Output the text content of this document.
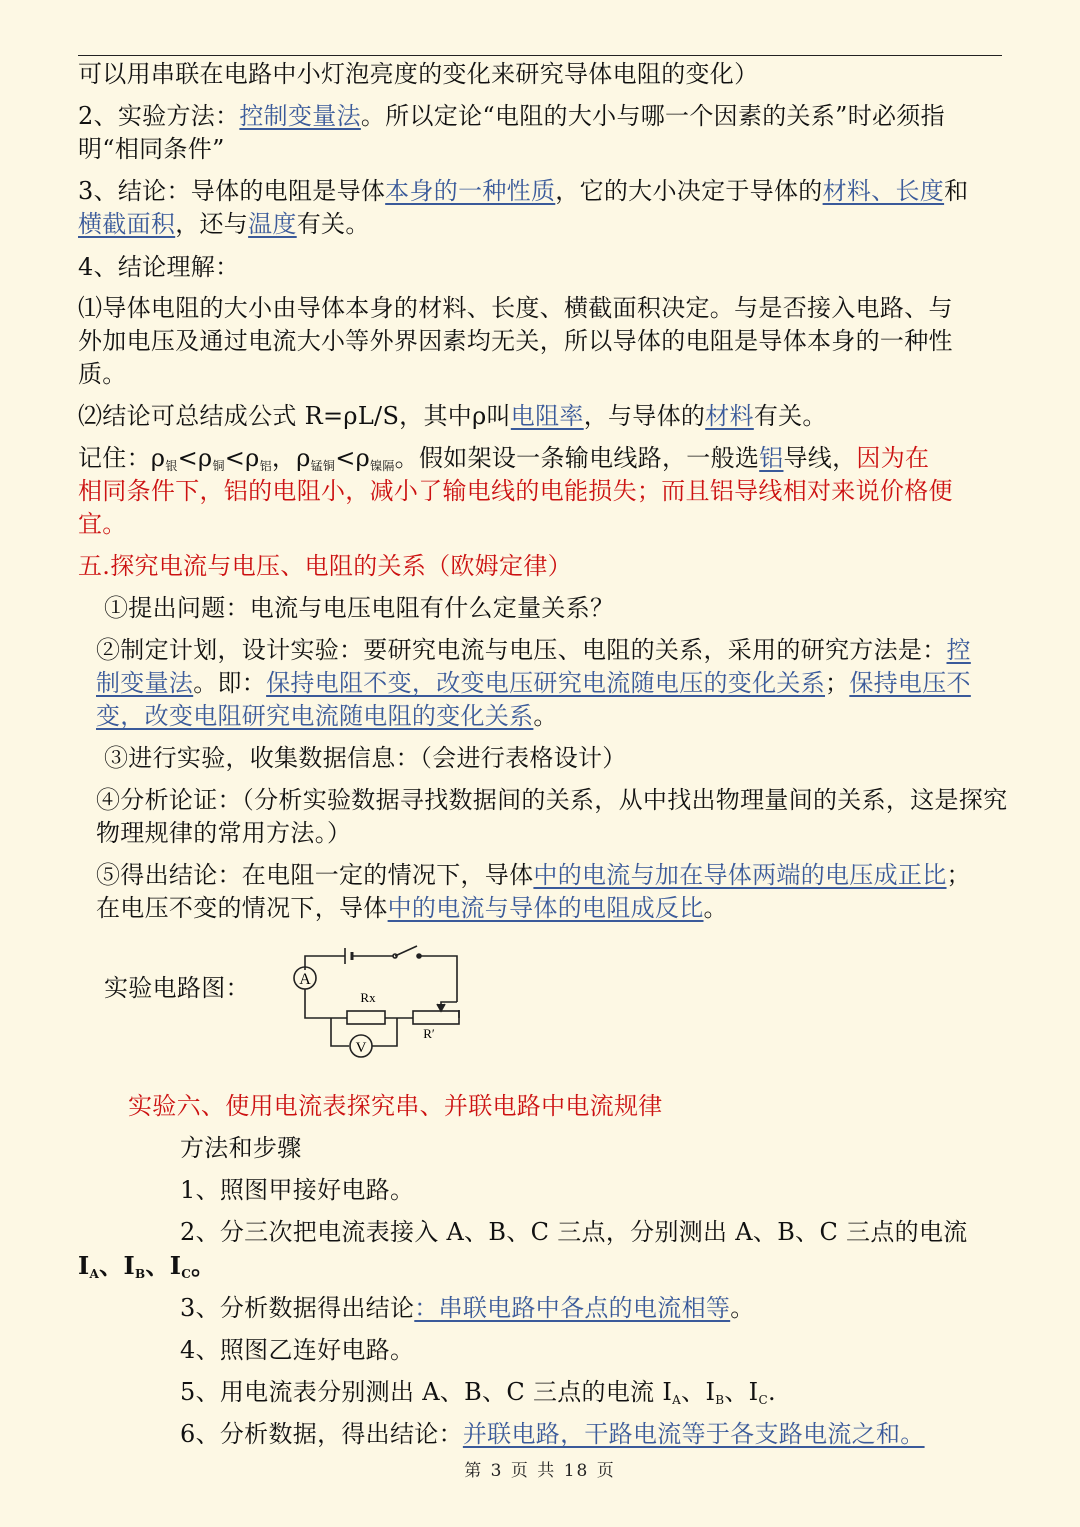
可以用串联在电路中小灯泡亮度的变化来研究导体电阻的变化）
2、实验方法：控制变量法。所以定论“电阻的大小与哪一个因素的关系”时必须指
明“相同条件”
3、结论：导体的电阻是导体本身的一种性质，它的大小决定于导体的材料、长度和
横截面积，还与温度有关。
4、结论理解：
⑴导体电阻的大小由导体本身的材料、长度、横截面积决定。与是否接入电路、与
外加电压及通过电流大小等外界因素均无关，所以导体的电阻是导体本身的一种性
质。
⑵结论可总结成公式 R=ρL/S，其中ρ叫电阻率，与导体的材料有关。
记住：$\rho_银<\rho_铜<\rho_铝$，$\rho_{锰铜}<\rho_{镍隔}$。假如架设一条输电线路，一般选铝导线，因为在
相同条件下，铝的电阻小，减小了输电线的电能损失；而且铝导线相对来说价格便
宜。
五.探究电流与电压、电阻的关系（欧姆定律）
①提出问题：电流与电压电阻有什么定量关系？
②制定计划，设计实验：要研究电流与电压、电阻的关系，采用的研究方法是：控
制变量法。即：保持电阻不变，改变电压研究电流随电压的变化关系；保持电压不
变，改变电阻研究电流随电阻的变化关系。
③进行实验，收集数据信息：（会进行表格设计）
④分析论证：（分析实验数据寻找数据间的关系，从中找出物理量间的关系，这是探究
物理规律的常用方法。）
⑤得出结论：在电阻一定的情况下，导体中的电流与加在导体两端的电压成正比；
在电压不变的情况下，导体中的电流与导体的电阻成反比。
实验电路图：	A
V
Rx
R′
实验六、使用电流表探究串、并联电路中电流规律
方法和步骤
1、照图甲接好电路。
2、分三次把电流表接入 A、B、C 三点，分别测出 A、B、C 三点的电流
$I_A$、$I_B$、$I_C$。
3、分析数据得出结论：串联电路中各点的电流相等。
4、照图乙连好电路。
5、用电流表分别测出 A、B、C 三点的电流 $I_A$、$I_B$、$I_C$.
6、分析数据，得出结论：并联电路，干路电流等于各支路电流之和。
第 3 页 共 18 页
